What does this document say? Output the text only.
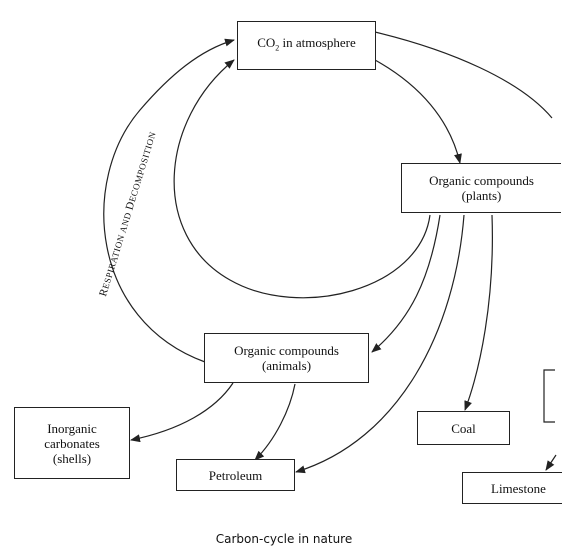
$CO_2$ in atmosphere
Organic compounds
(plants)
Organic compounds
(animals)
Inorganic
carbonates
(shells)
Petroleum
Coal
Limestone
RESPIRATION AND DECOMPOSITION
Carbon-cycle in nature
